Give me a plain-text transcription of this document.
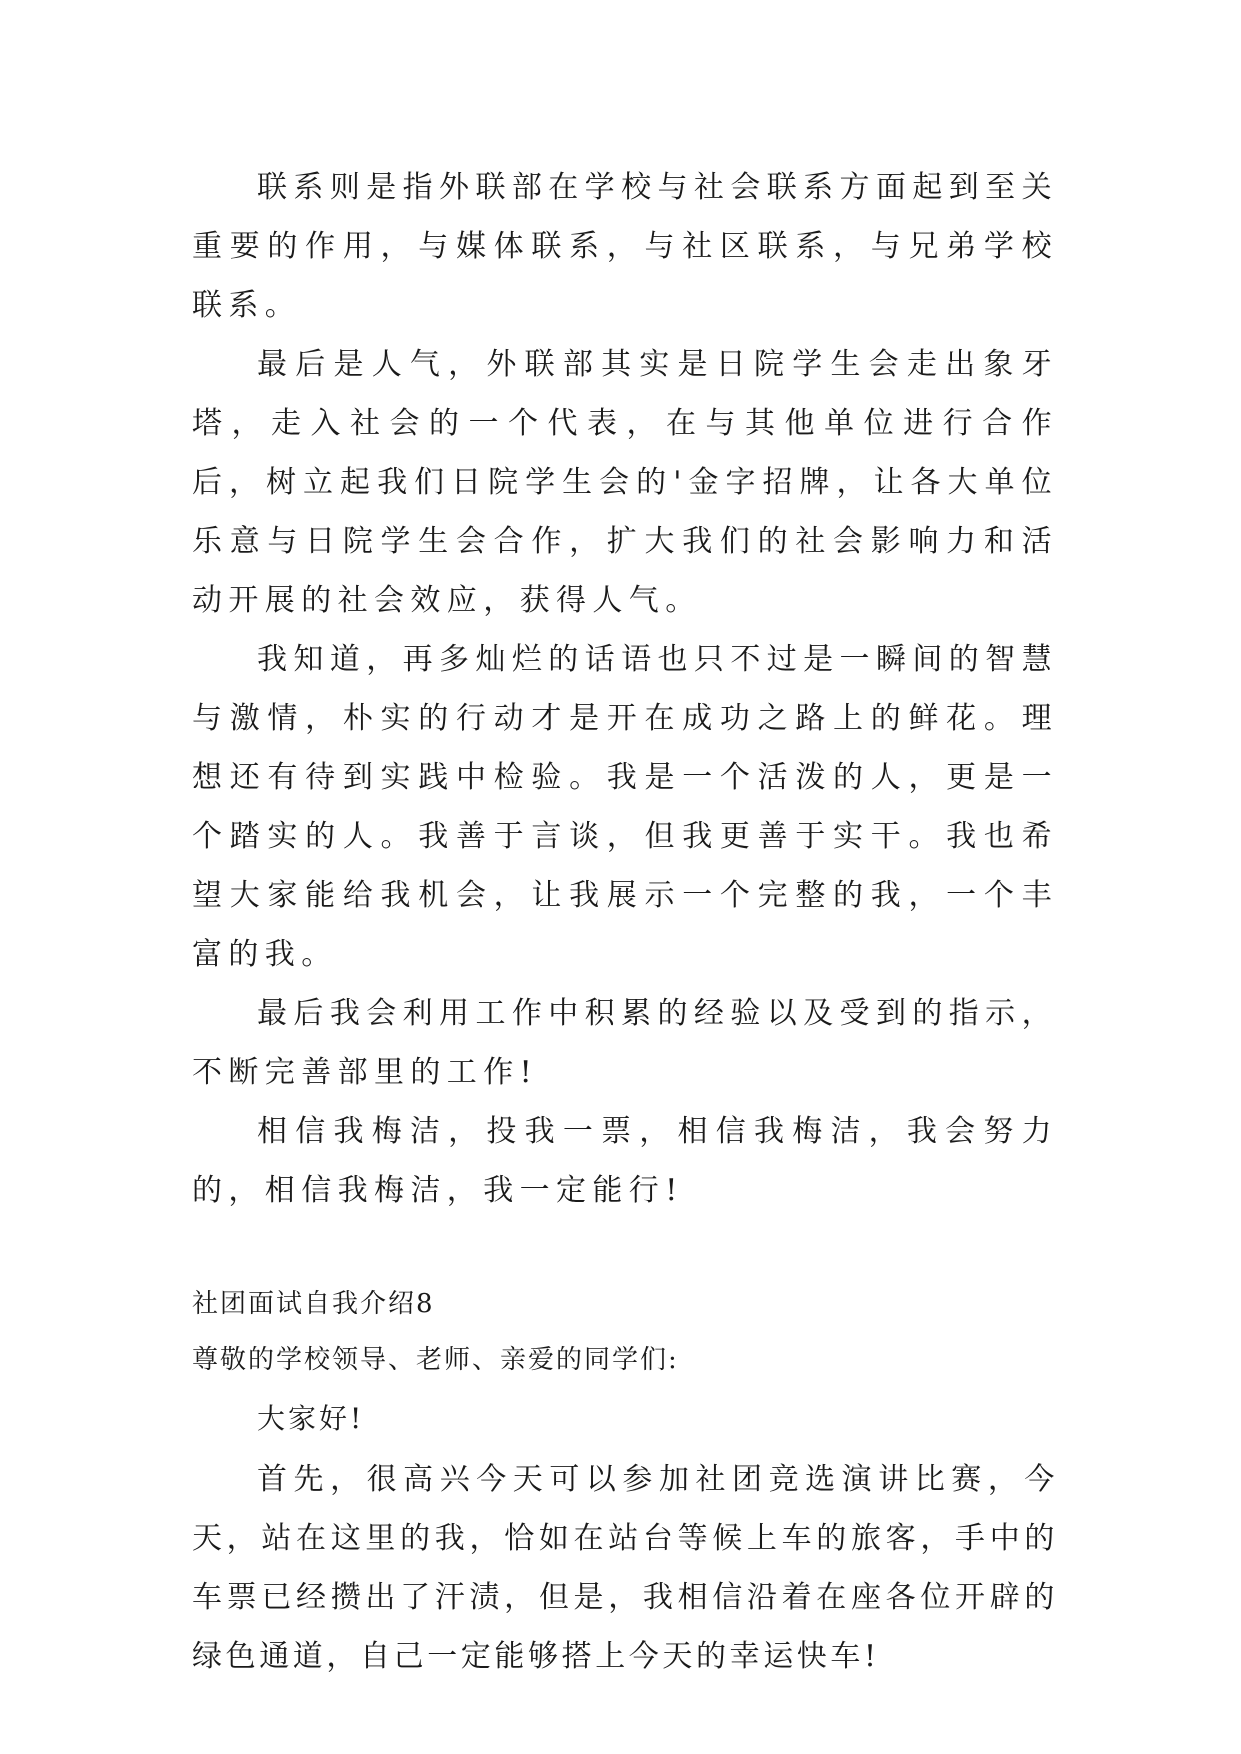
联系则是指外联部在学校与社会联系方面起到至关重要的作用，与媒体联系，与社区联系，与兄弟学校联系。

最后是人气，外联部其实是日院学生会走出象牙塔，走入社会的一个代表，在与其他单位进行合作后，树立起我们日院学生会的'金字招牌，让各大单位乐意与日院学生会合作，扩大我们的社会影响力和活动开展的社会效应，获得人气。

我知道，再多灿烂的话语也只不过是一瞬间的智慧与激情，朴实的行动才是开在成功之路上的鲜花。理想还有待到实践中检验。我是一个活泼的人，更是一个踏实的人。我善于言谈，但我更善于实干。我也希望大家能给我机会，让我展示一个完整的我，一个丰富的我。

最后我会利用工作中积累的经验以及受到的指示，不断完善部里的工作!

相信我梅洁，投我一票，相信我梅洁，我会努力的，相信我梅洁，我一定能行!

社团面试自我介绍8

尊敬的学校领导、老师、亲爱的同学们:

大家好!

首先，很高兴今天可以参加社团竞选演讲比赛，今天，站在这里的我，恰如在站台等候上车的旅客，手中的车票已经攒出了汗渍，但是，我相信沿着在座各位开辟的绿色通道，自己一定能够搭上今天的幸运快车!
